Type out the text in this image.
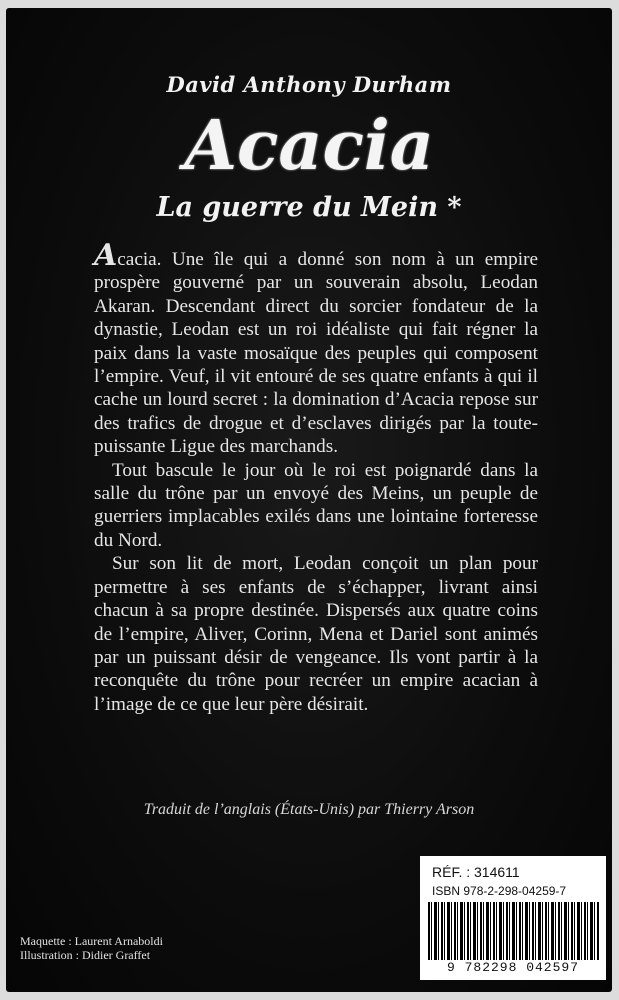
David Anthony Durham
Acacia
La guerre du Mein *

Acacia. Une île qui a donné son nom à un empire prospère gouverné par un souverain absolu, Leodan Akaran. Descendant direct du sorcier fondateur de la dynastie, Leodan est un roi idéaliste qui fait régner la paix dans la vaste mosaïque des peuples qui composent l’empire. Veuf, il vit entouré de ses quatre enfants à qui il cache un lourd secret : la domination d’Acacia repose sur des trafics de drogue et d’esclaves dirigés par la toute-puissante Ligue des marchands.

Tout bascule le jour où le roi est poignardé dans la salle du trône par un envoyé des Meins, un peuple de guerriers implacables exilés dans une lointaine forteresse du Nord.

Sur son lit de mort, Leodan conçoit un plan pour permettre à ses enfants de s’échapper, livrant ainsi chacun à sa propre destinée. Dispersés aux quatre coins de l’empire, Aliver, Corinn, Mena et Dariel sont animés par un puissant désir de vengeance. Ils vont partir à la reconquête du trône pour recréer un empire acacian à l’image de ce que leur père désirait.

Traduit de l’anglais (États-Unis) par Thierry Arson
Maquette : Laurent Arnaboldi
Illustration : Didier Graffet
RÉF. : 314611
ISBN 978-2-298-04259-7
9 782298 042597
